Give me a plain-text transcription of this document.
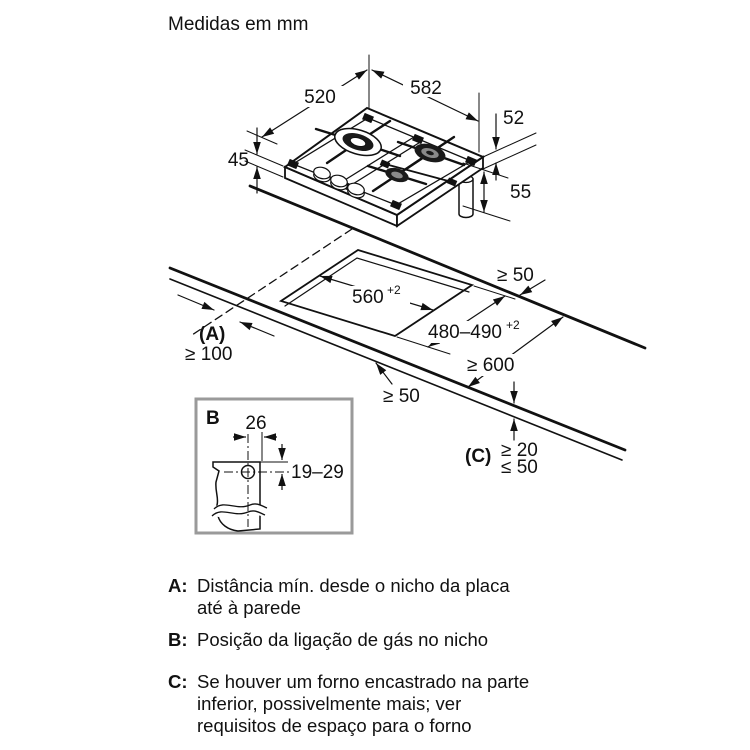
Medidas em mm
520	582
45
52
55
560 +2
480–490 +2
≥ 50
≥ 600
≥ 50
(A)
≥ 100
(C) ≥ 20
≤ 50
B 26
19–29
A: Distância mín. desde o nicho da placa
até à parede
B: Posição da ligação de gás no nicho
C: Se houver um forno encastrado na parte
inferior, possivelmente mais; ver
requisitos de espaço para o forno
